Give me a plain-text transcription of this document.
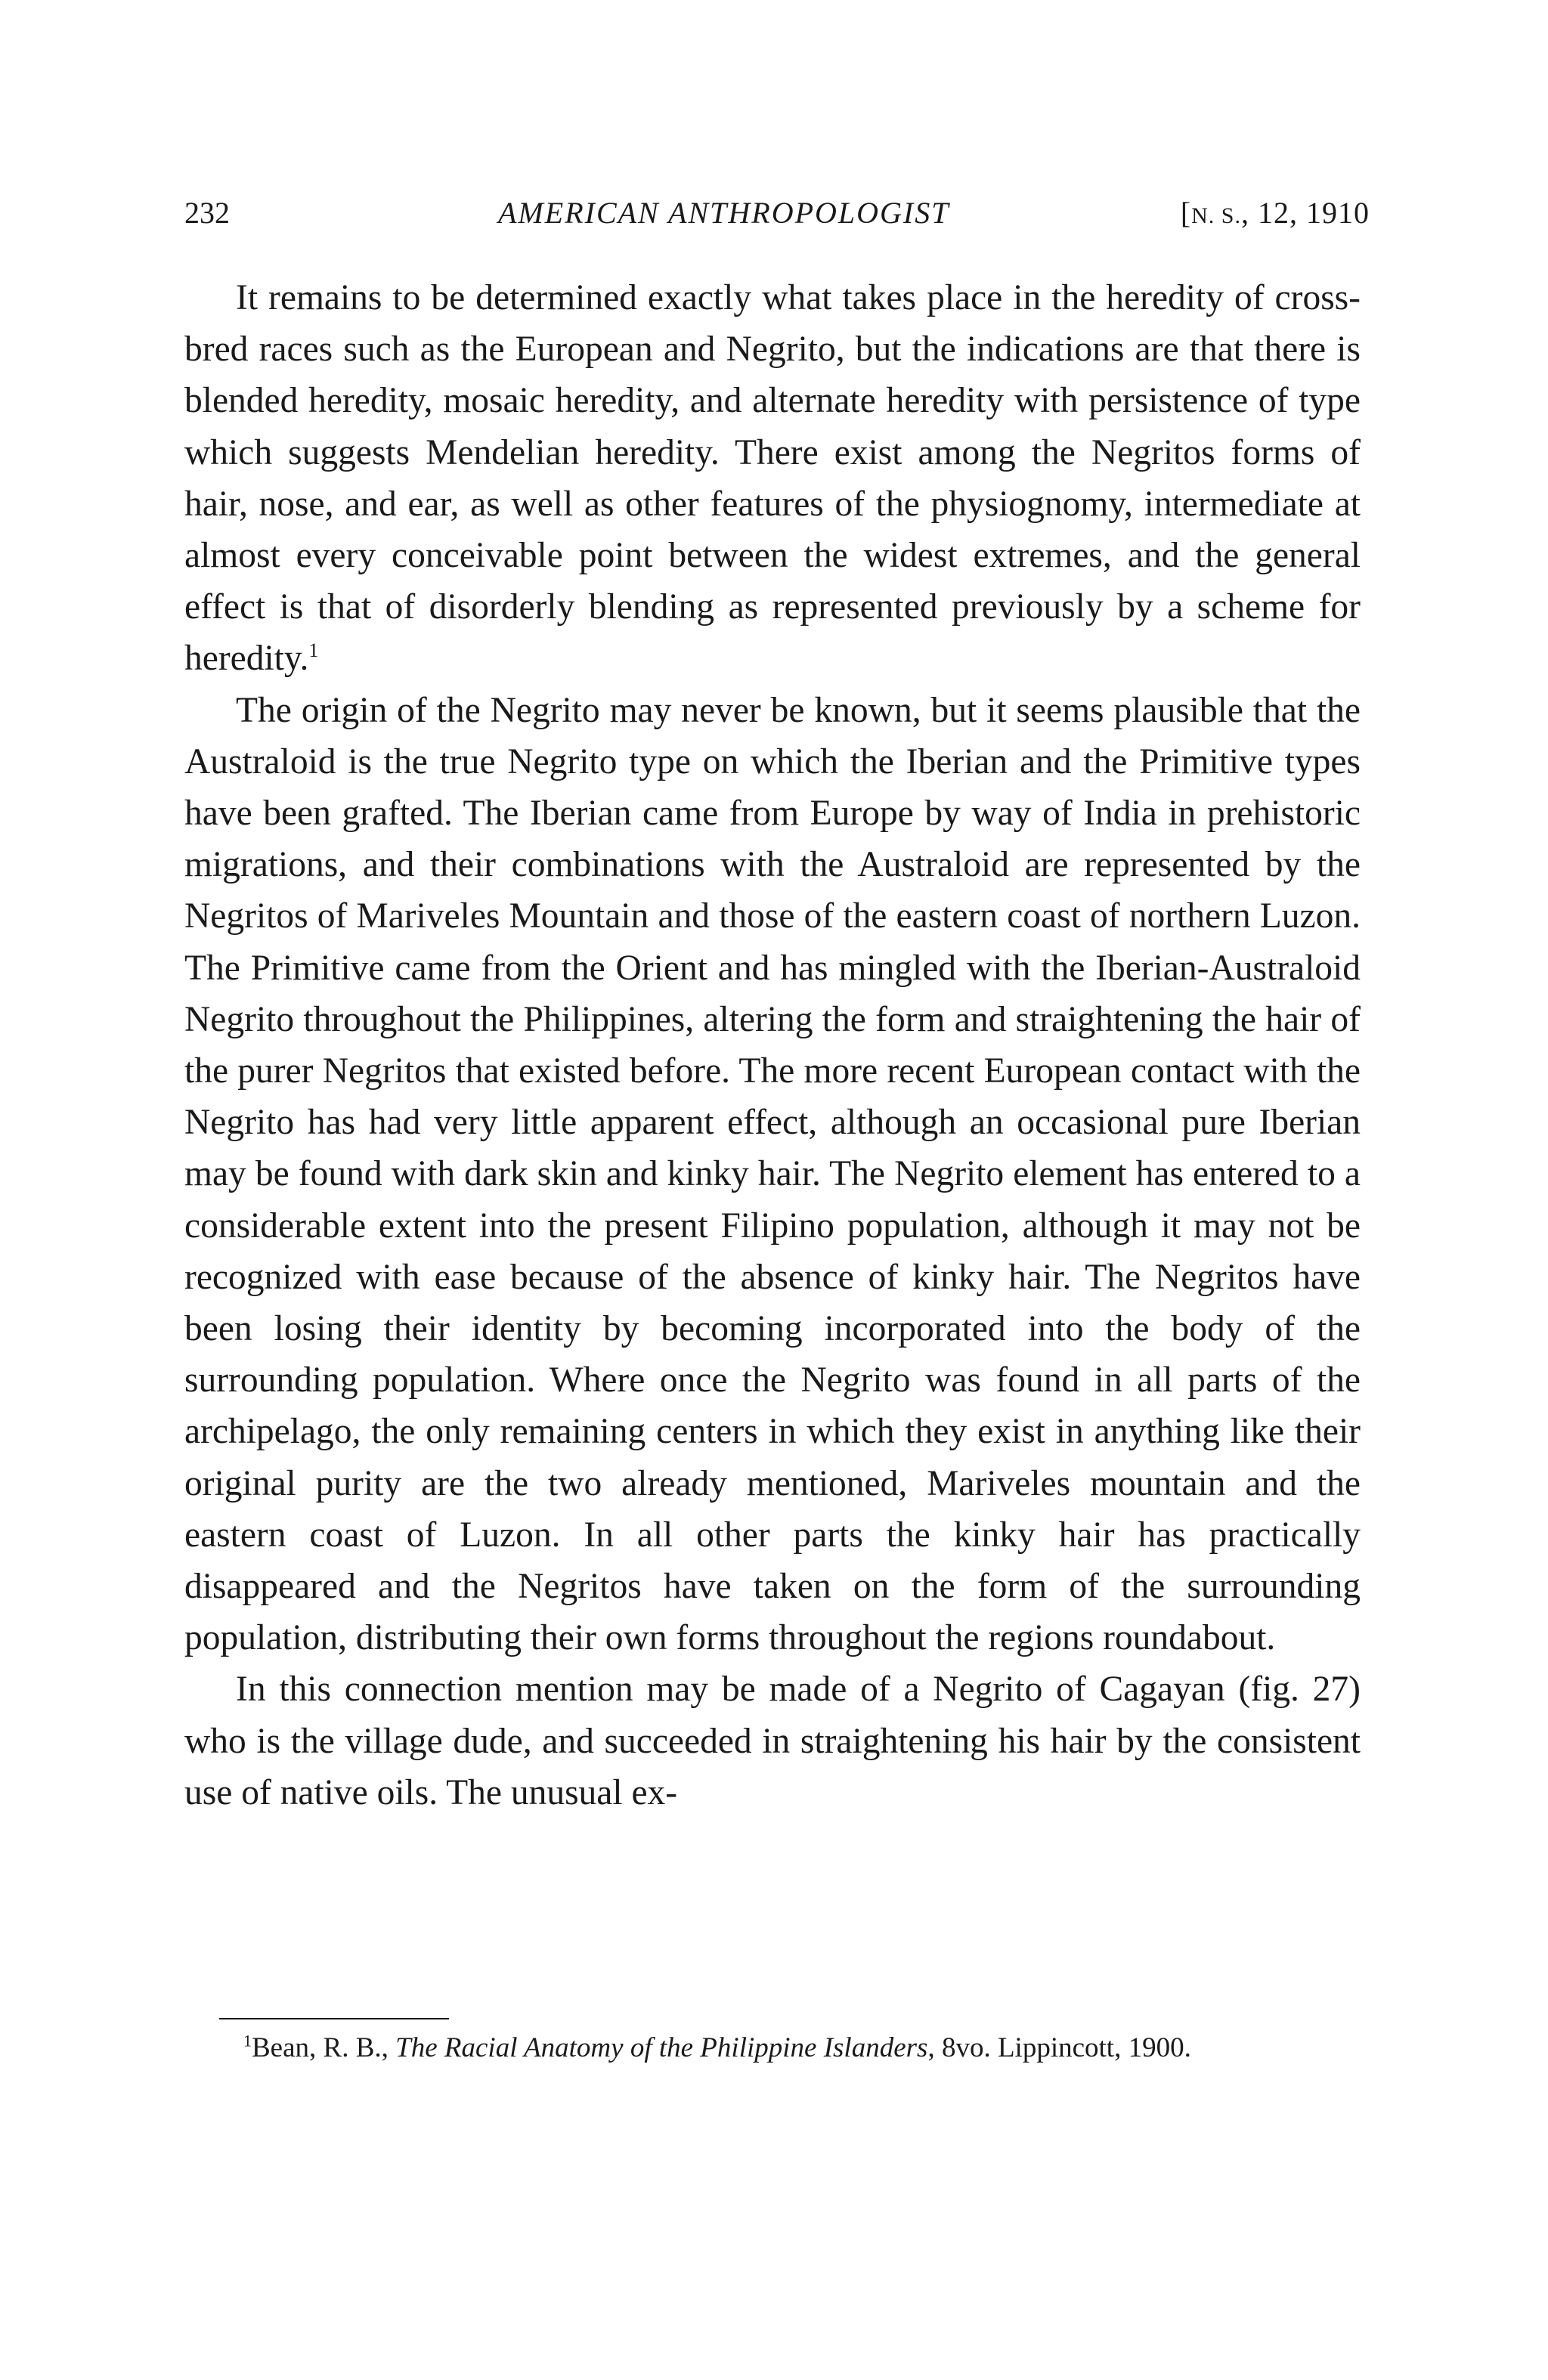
232	AMERICAN ANTHROPOLOGIST	[N. S., 12, 1910

It remains to be determined exactly what takes place in the heredity of cross-bred races such as the European and Negrito, but the indications are that there is blended heredity, mosaic heredity, and alternate heredity with persistence of type which suggests Mendelian heredity. There exist among the Negritos forms of hair, nose, and ear, as well as other features of the physiognomy, intermediate at almost every conceivable point between the widest extremes, and the general effect is that of disorderly blending as represented previously by a scheme for heredity.$^1$

The origin of the Negrito may never be known, but it seems plausible that the Australoid is the true Negrito type on which the Iberian and the Primitive types have been grafted. The Iberian came from Europe by way of India in prehistoric migrations, and their combinations with the Australoid are represented by the Negritos of Mariveles Mountain and those of the eastern coast of northern Luzon. The Primitive came from the Orient and has mingled with the Iberian-Australoid Negrito throughout the Philippines, altering the form and straightening the hair of the purer Negritos that existed before. The more recent European contact with the Negrito has had very little apparent effect, although an occasional pure Iberian may be found with dark skin and kinky hair. The Negrito element has entered to a considerable extent into the present Filipino population, although it may not be recognized with ease because of the absence of kinky hair. The Negritos have been losing their identity by becoming incorporated into the body of the surrounding population. Where once the Negrito was found in all parts of the archipelago, the only remaining centers in which they exist in anything like their original purity are the two already mentioned, Mariveles mountain and the eastern coast of Luzon. In all other parts the kinky hair has practically disappeared and the Negritos have taken on the form of the surrounding population, distributing their own forms throughout the regions roundabout.

In this connection mention may be made of a Negrito of Cagayan (fig. 27) who is the village dude, and succeeded in straightening his hair by the consistent use of native oils. The unusual ex-

$^1$Bean, R. B., The Racial Anatomy of the Philippine Islanders, 8vo. Lippincott, 1900.
